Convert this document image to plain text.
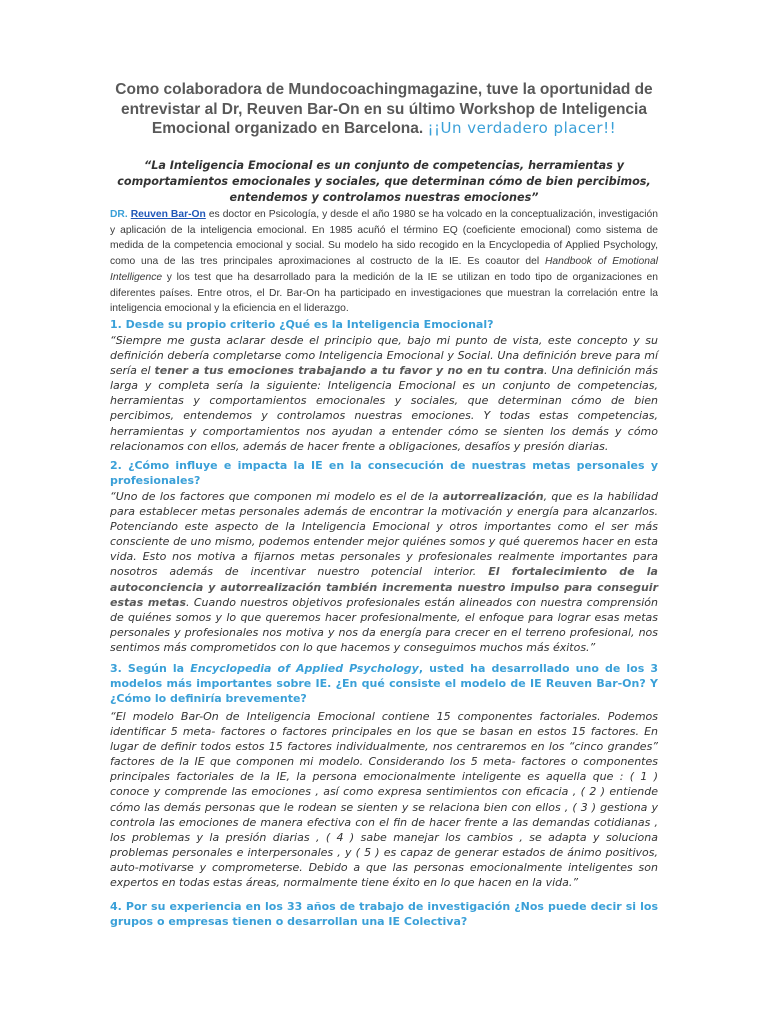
Como colaboradora de Mundocoachingmagazine, tuve la oportunidad de entrevistar al Dr, Reuven Bar-On en su último Workshop de Inteligencia Emocional organizado en Barcelona. ¡¡Un verdadero placer!!
“La Inteligencia Emocional es un conjunto de competencias, herramientas y comportamientos emocionales y sociales, que determinan cómo de bien percibimos, entendemos y controlamos nuestras emociones”
DR. Reuven Bar-On es doctor en Psicología, y desde el año 1980 se ha volcado en la conceptualización, investigación y aplicación de la inteligencia emocional. En 1985 acuñó el término EQ (coeficiente emocional) como sistema de medida de la competencia emocional y social. Su modelo ha sido recogido en la Encyclopedia of Applied Psychology, como una de las tres principales aproximaciones al costructo de la IE. Es coautor del Handbook of Emotional Intelligence y los test que ha desarrollado para la medición de la IE se utilizan en todo tipo de organizaciones en diferentes países. Entre otros, el Dr. Bar-On ha participado en investigaciones que muestran la correlación entre la inteligencia emocional y la eficiencia en el liderazgo.
1. Desde su propio criterio ¿Qué es la Inteligencia Emocional?
“Siempre me gusta aclarar desde el principio que, bajo mi punto de vista, este concepto y su definición debería completarse como Inteligencia Emocional y Social. Una definición breve para mí sería el tener a tus emociones trabajando a tu favor y no en tu contra. Una definición más larga y completa sería la siguiente: Inteligencia Emocional es un conjunto de competencias, herramientas y comportamientos emocionales y sociales, que determinan cómo de bien percibimos, entendemos y controlamos nuestras emociones. Y todas estas competencias, herramientas y comportamientos nos ayudan a entender cómo se sienten los demás y cómo relacionamos con ellos, además de hacer frente a obligaciones, desafíos y presión diarias.
2. ¿Cómo influye e impacta la IE en la consecución de nuestras metas personales y profesionales?
“Uno de los factores que componen mi modelo es el de la autorrealización, que es la habilidad para establecer metas personales además de encontrar la motivación y energía para alcanzarlos. Potenciando este aspecto de la Inteligencia Emocional y otros importantes como el ser más consciente de uno mismo, podemos entender mejor quiénes somos y qué queremos hacer en esta vida. Esto nos motiva a fijarnos metas personales y profesionales realmente importantes para nosotros además de incentivar nuestro potencial interior. El fortalecimiento de la autoconciencia y autorrealización también incrementa nuestro impulso para conseguir estas metas. Cuando nuestros objetivos profesionales están alineados con nuestra comprensión de quiénes somos y lo que queremos hacer profesionalmente, el enfoque para lograr esas metas personales y profesionales nos motiva y nos da energía para crecer en el terreno profesional, nos sentimos más comprometidos con lo que hacemos y conseguimos muchos más éxitos.”
3. Según la Encyclopedia of Applied Psychology, usted ha desarrollado uno de los 3 modelos más importantes sobre IE. ¿En qué consiste el modelo de IE Reuven Bar-On? Y ¿Cómo lo definiría brevemente?
“El modelo Bar-On de Inteligencia Emocional contiene 15 componentes factoriales. Podemos identificar 5 meta- factores o factores principales en los que se basan en estos 15 factores. En lugar de definir todos estos 15 factores individualmente, nos centraremos en los “cinco grandes” factores de la IE que componen mi modelo. Considerando los 5 meta- factores o componentes principales factoriales de la IE, la persona emocionalmente inteligente es aquella que : ( 1 ) conoce y comprende las emociones , así como expresa sentimientos con eficacia , ( 2 ) entiende cómo las demás personas que le rodean se sienten y se relaciona bien con ellos , ( 3 ) gestiona y controla las emociones de manera efectiva con el fin de hacer frente a las demandas cotidianas , los problemas y la presión diarias , ( 4 ) sabe manejar los cambios , se adapta y soluciona problemas personales e interpersonales , y ( 5 ) es capaz de generar estados de ánimo positivos, auto-motivarse y comprometerse. Debido a que las personas emocionalmente inteligentes son expertos en todas estas áreas, normalmente tiene éxito en lo que hacen en la vida.”
4. Por su experiencia en los 33 años de trabajo de investigación ¿Nos puede decir si los grupos o empresas tienen o desarrollan una IE Colectiva?
